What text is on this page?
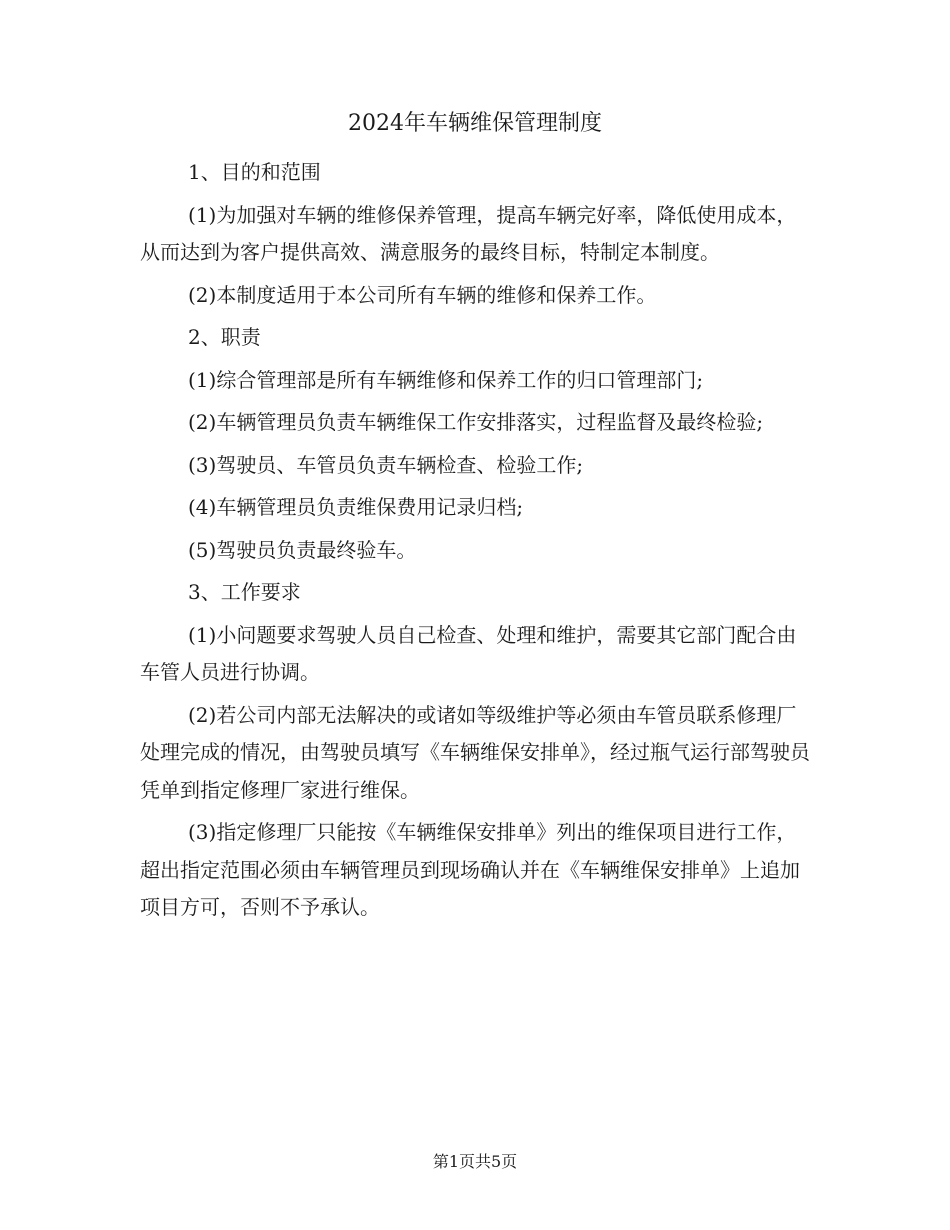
2024年车辆维保管理制度

1、目的和范围

(1)为加强对车辆的维修保养管理，提高车辆完好率，降低使用成本，从而达到为客户提供高效、满意服务的最终目标，特制定本制度。

(2)本制度适用于本公司所有车辆的维修和保养工作。

2、职责

(1)综合管理部是所有车辆维修和保养工作的归口管理部门;

(2)车辆管理员负责车辆维保工作安排落实，过程监督及最终检验;

(3)驾驶员、车管员负责车辆检查、检验工作;

(4)车辆管理员负责维保费用记录归档;

(5)驾驶员负责最终验车。

3、工作要求

(1)小问题要求驾驶人员自己检查、处理和维护，需要其它部门配合由车管人员进行协调。

(2)若公司内部无法解决的或诸如等级维护等必须由车管员联系修理厂处理完成的情况，由驾驶员填写《车辆维保安排单》，经过瓶气运行部驾驶员凭单到指定修理厂家进行维保。

(3)指定修理厂只能按《车辆维保安排单》列出的维保项目进行工作，超出指定范围必须由车辆管理员到现场确认并在《车辆维保安排单》上追加项目方可，否则不予承认。

第1页共5页
